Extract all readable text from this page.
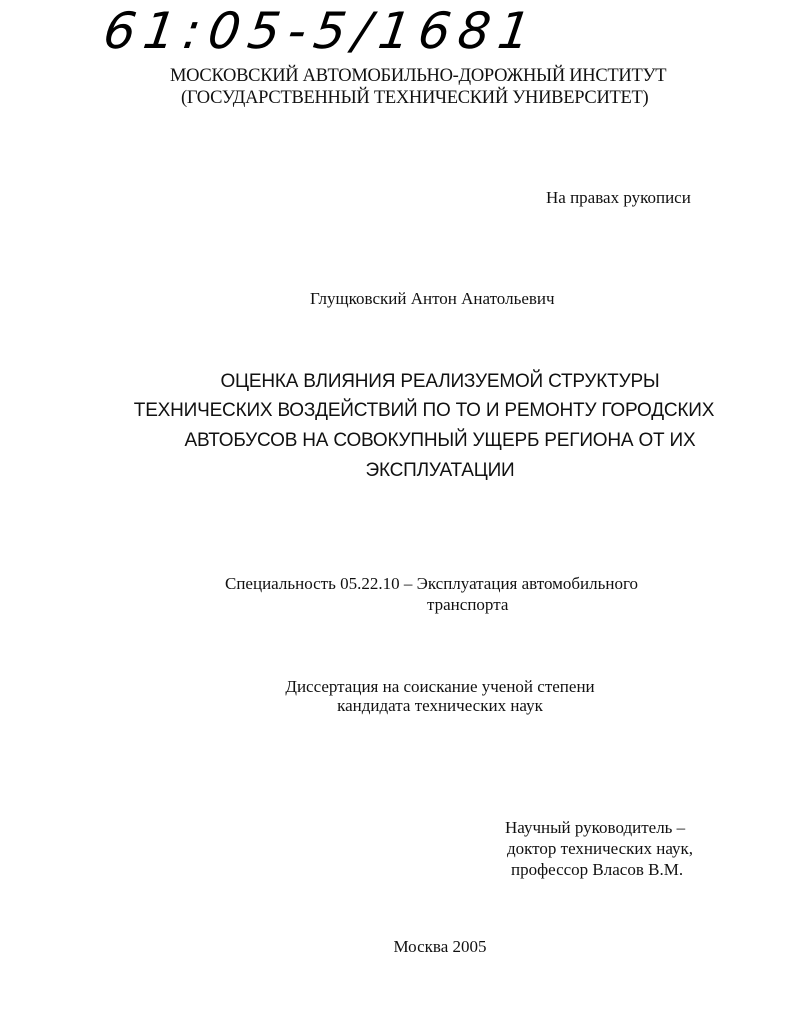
61:05-5/1681
МОСКОВСКИЙ АВТОМОБИЛЬНО-ДОРОЖНЫЙ ИНСТИТУТ
(ГОСУДАРСТВЕННЫЙ ТЕХНИЧЕСКИЙ УНИВЕРСИТЕТ)
На правах рукописи
Глущковский Антон Анатольевич
ОЦЕНКА ВЛИЯНИЯ РЕАЛИЗУЕМОЙ СТРУКТУРЫ
ТЕХНИЧЕСКИХ ВОЗДЕЙСТВИЙ ПО ТО И РЕМОНТУ ГОРОДСКИХ
АВТОБУСОВ НА СОВОКУПНЫЙ УЩЕРБ РЕГИОНА ОТ ИХ
ЭКСПЛУАТАЦИИ
Специальность 05.22.10 – Эксплуатация автомобильного
транспорта
Диссертация на соискание ученой степени
кандидата технических наук
Научный руководитель –
доктор технических наук,
профессор Власов В.М.
Москва 2005
